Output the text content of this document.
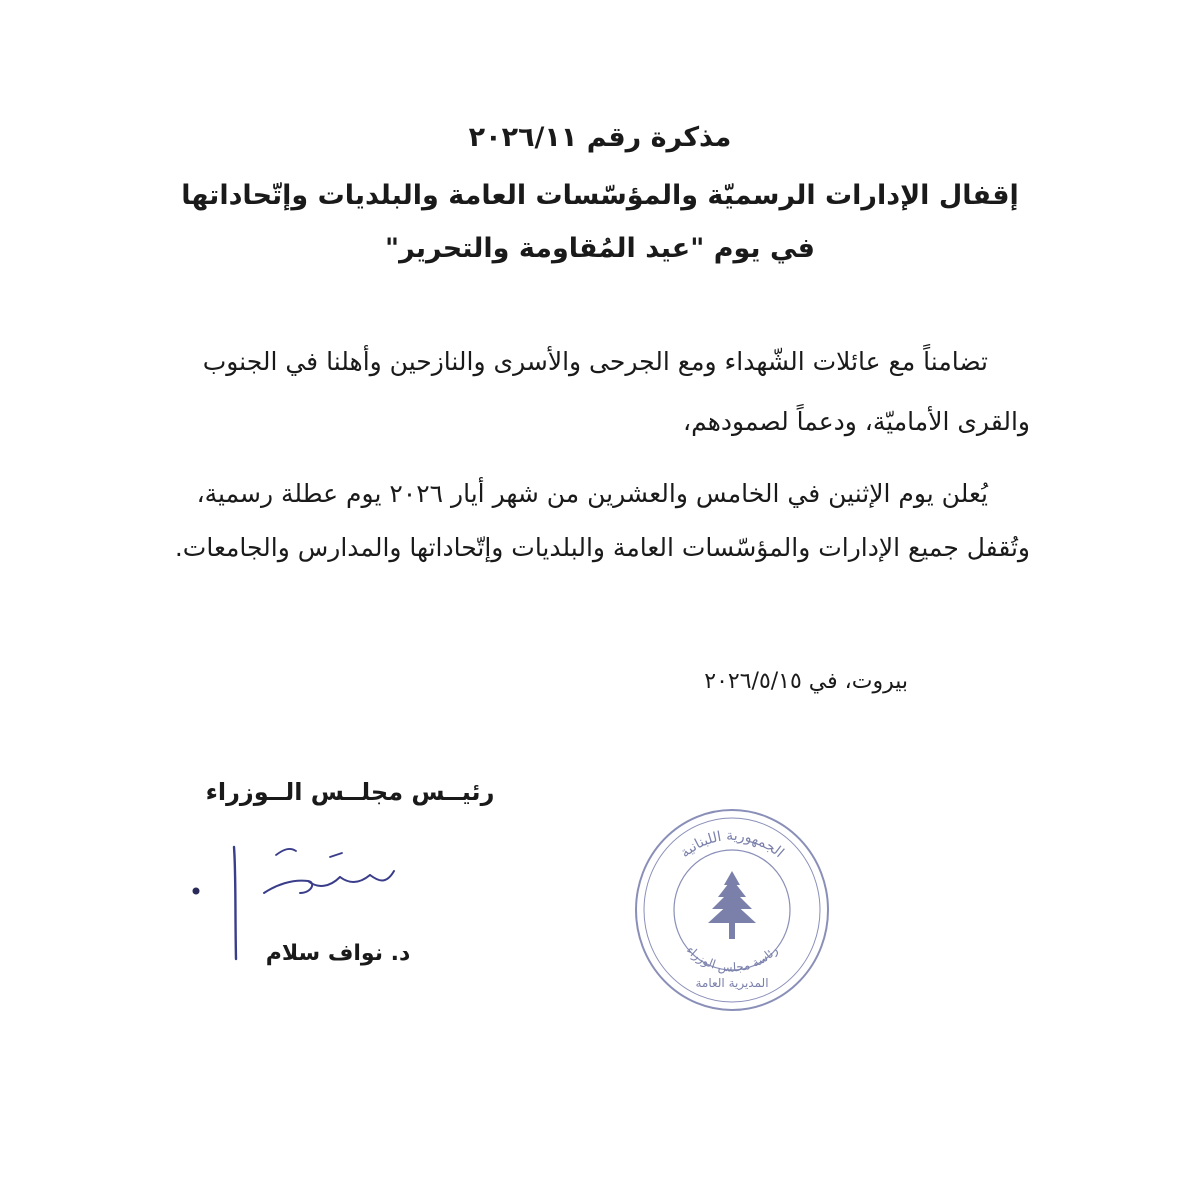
مذكرة رقم ٢٠٢٦/١١
إقفال الإدارات الرسميّة والمؤسّسات العامة والبلديات وإتّحاداتها
في يوم "عيد المُقاومة والتحرير"
تضامناً مع عائلات الشّهداء ومع الجرحى والأسرى والنازحين وأهلنا في الجنوب
والقرى الأماميّة، ودعماً لصمودهم،
يُعلن يوم الإثنين في الخامس والعشرين من شهر أيار ٢٠٢٦ يوم عطلة رسمية،
وتُقفل جميع الإدارات والمؤسّسات العامة والبلديات وإتّحاداتها والمدارس والجامعات.
بيروت، في ٢٠٢٦/٥/١٥
رئيــس مجلــس الــوزراء
د. نواف سلام
الجمهورية اللبنانية
رئاسة مجلس الوزراء
المديرية العامة
